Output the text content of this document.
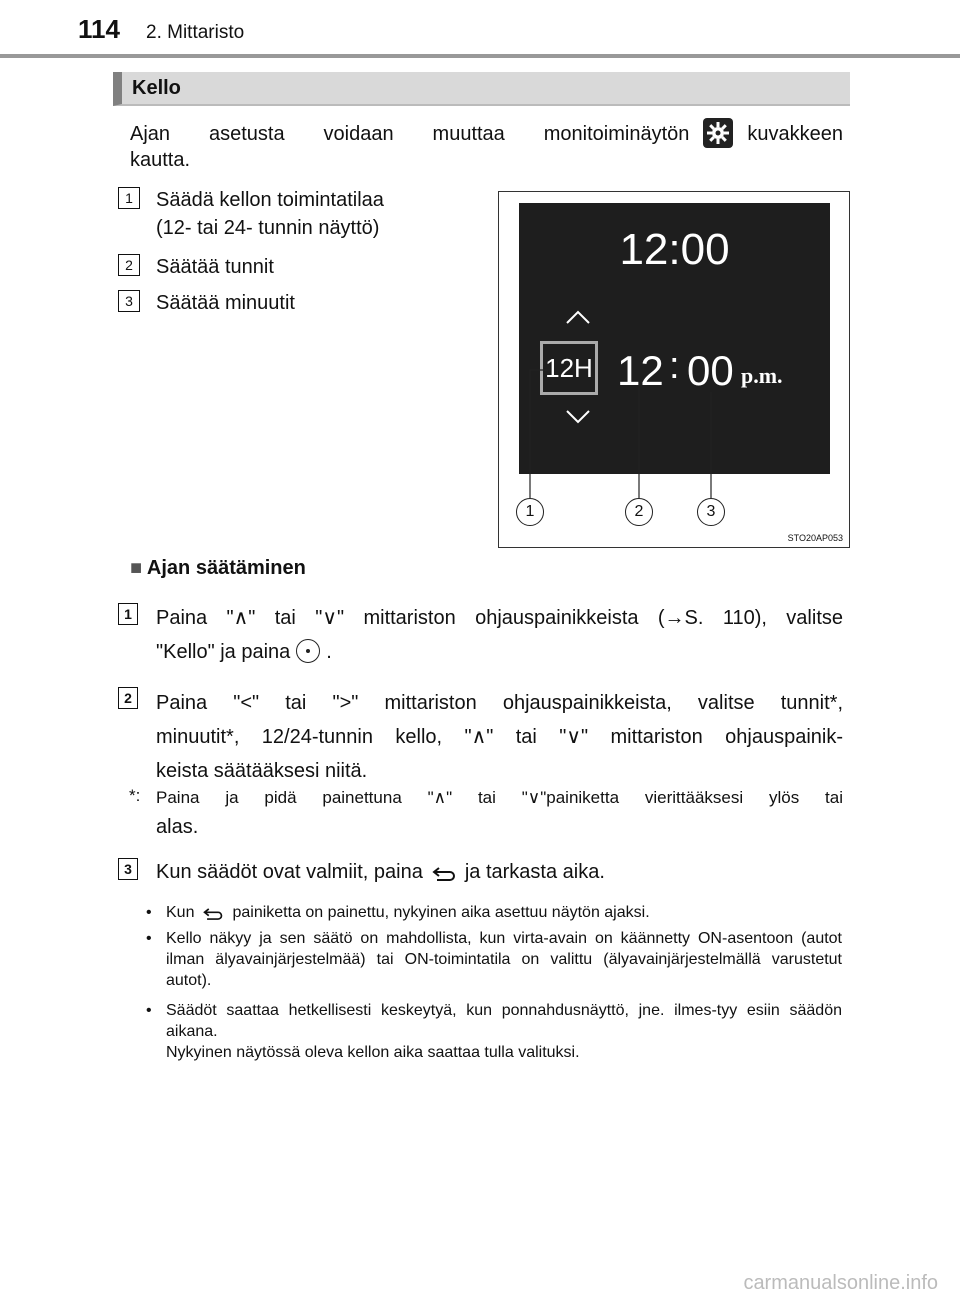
114 2. Mittaristo
Kello
Ajan asetusta voidaan muuttaa monitoiminäytön	kuvakkeen
kautta.
1	Säädä kellon toimintatilaa
(12- tai 24- tunnin näyttö)
2	Säätää tunnit
3	Säätää minuutit
12:00
12H 12 : 00 p.m.
1	2	3
STO20AP053
■ Ajan säätäminen
1	Paina "∧" tai "∨" mittariston ohjauspainikkeista (→S. 110), valitse
"Kello" ja paina .
2	Paina "<" tai ">" mittariston ohjauspainikkeista, valitse tunnit*,
minuutit*, 12/24-tunnin kello, "∧" tai "∨" mittariston ohjauspainik-
keista säätääksesi niitä.
*: Paina ja pidä painettuna "∧" tai "∨"painiketta vierittääksesi ylös tai
alas.
3	Kun säädöt ovat valmiit, paina ja tarkasta aika.
• Kun painiketta on painettu, nykyinen aika asettuu näytön ajaksi.
• Kello näkyy ja sen säätö on mahdollista, kun virta-avain on käännetty ON-asentoon (autot ilman älyavainjärjestelmää) tai ON-toimintatila on valittu (älyavainjärjestelmällä varustetut autot).
• Säädöt saattaa hetkellisesti keskeytyä, kun ponnahdusnäyttö, jne. ilmes-tyy esiin säädön aikana.
Nykyinen näytössä oleva kellon aika saattaa tulla valituksi.
carmanualsonline.info
